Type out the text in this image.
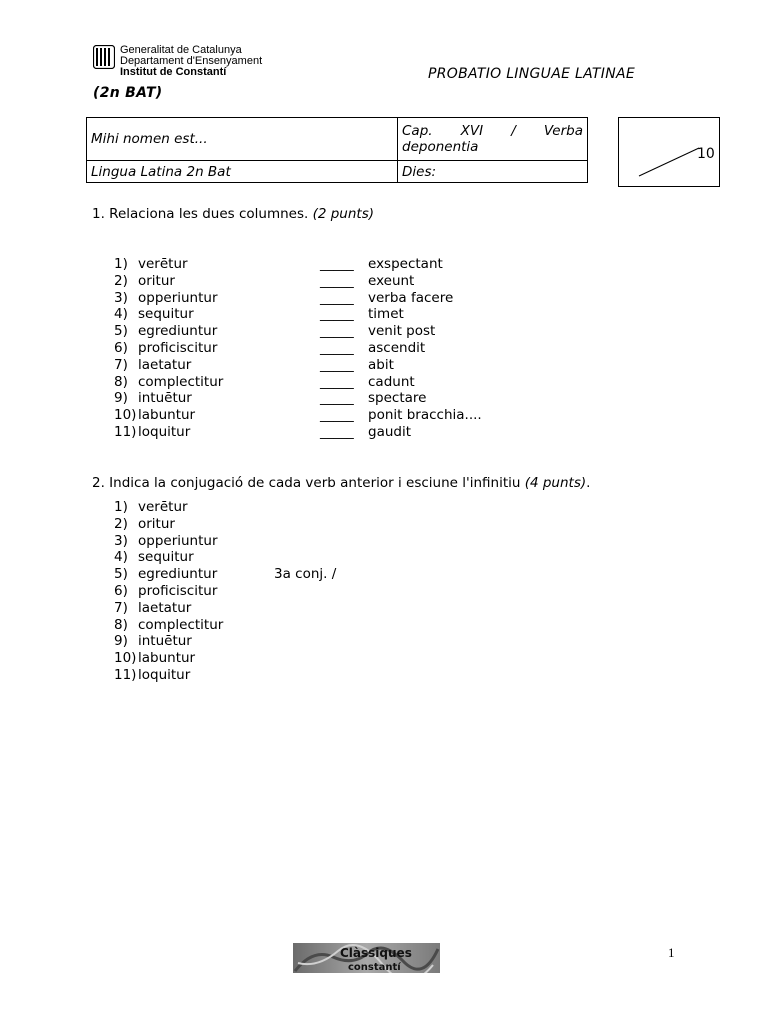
Generalitat de Catalunya
Departament d'Ensenyament
Institut de Constantí	PROBATIO LINGUAE LATINAE
(2n BAT)
Mihi nomen est...	Cap. XVI / Verba
deponentia

Lingua Latina 2n Bat	Dies:
10
1. Relaciona les dues columnes. (2 punts)
1) verētur	_____	exspectant
2) oritur	_____	exeunt
3) opperiuntur	_____	verba facere
4) sequitur	_____	timet
5) egrediuntur	_____	venit post
6) proficiscitur	_____	ascendit
7) laetatur	_____	abit
8) complectitur	_____	cadunt
9) intuētur	_____	spectare
10) labuntur	_____	ponit bracchia....
11) loquitur	_____	gaudit
2. Indica la conjugació de cada verb anterior i esciune l'infinitiu (4 punts).
1) verētur
2) oritur
3) opperiuntur
4) sequitur
5) egrediuntur	3a conj. /
6) proficiscitur
7) laetatur
8) complectitur
9) intuētur
10) labuntur
11) loquitur
Clàssiques
constantí
1
